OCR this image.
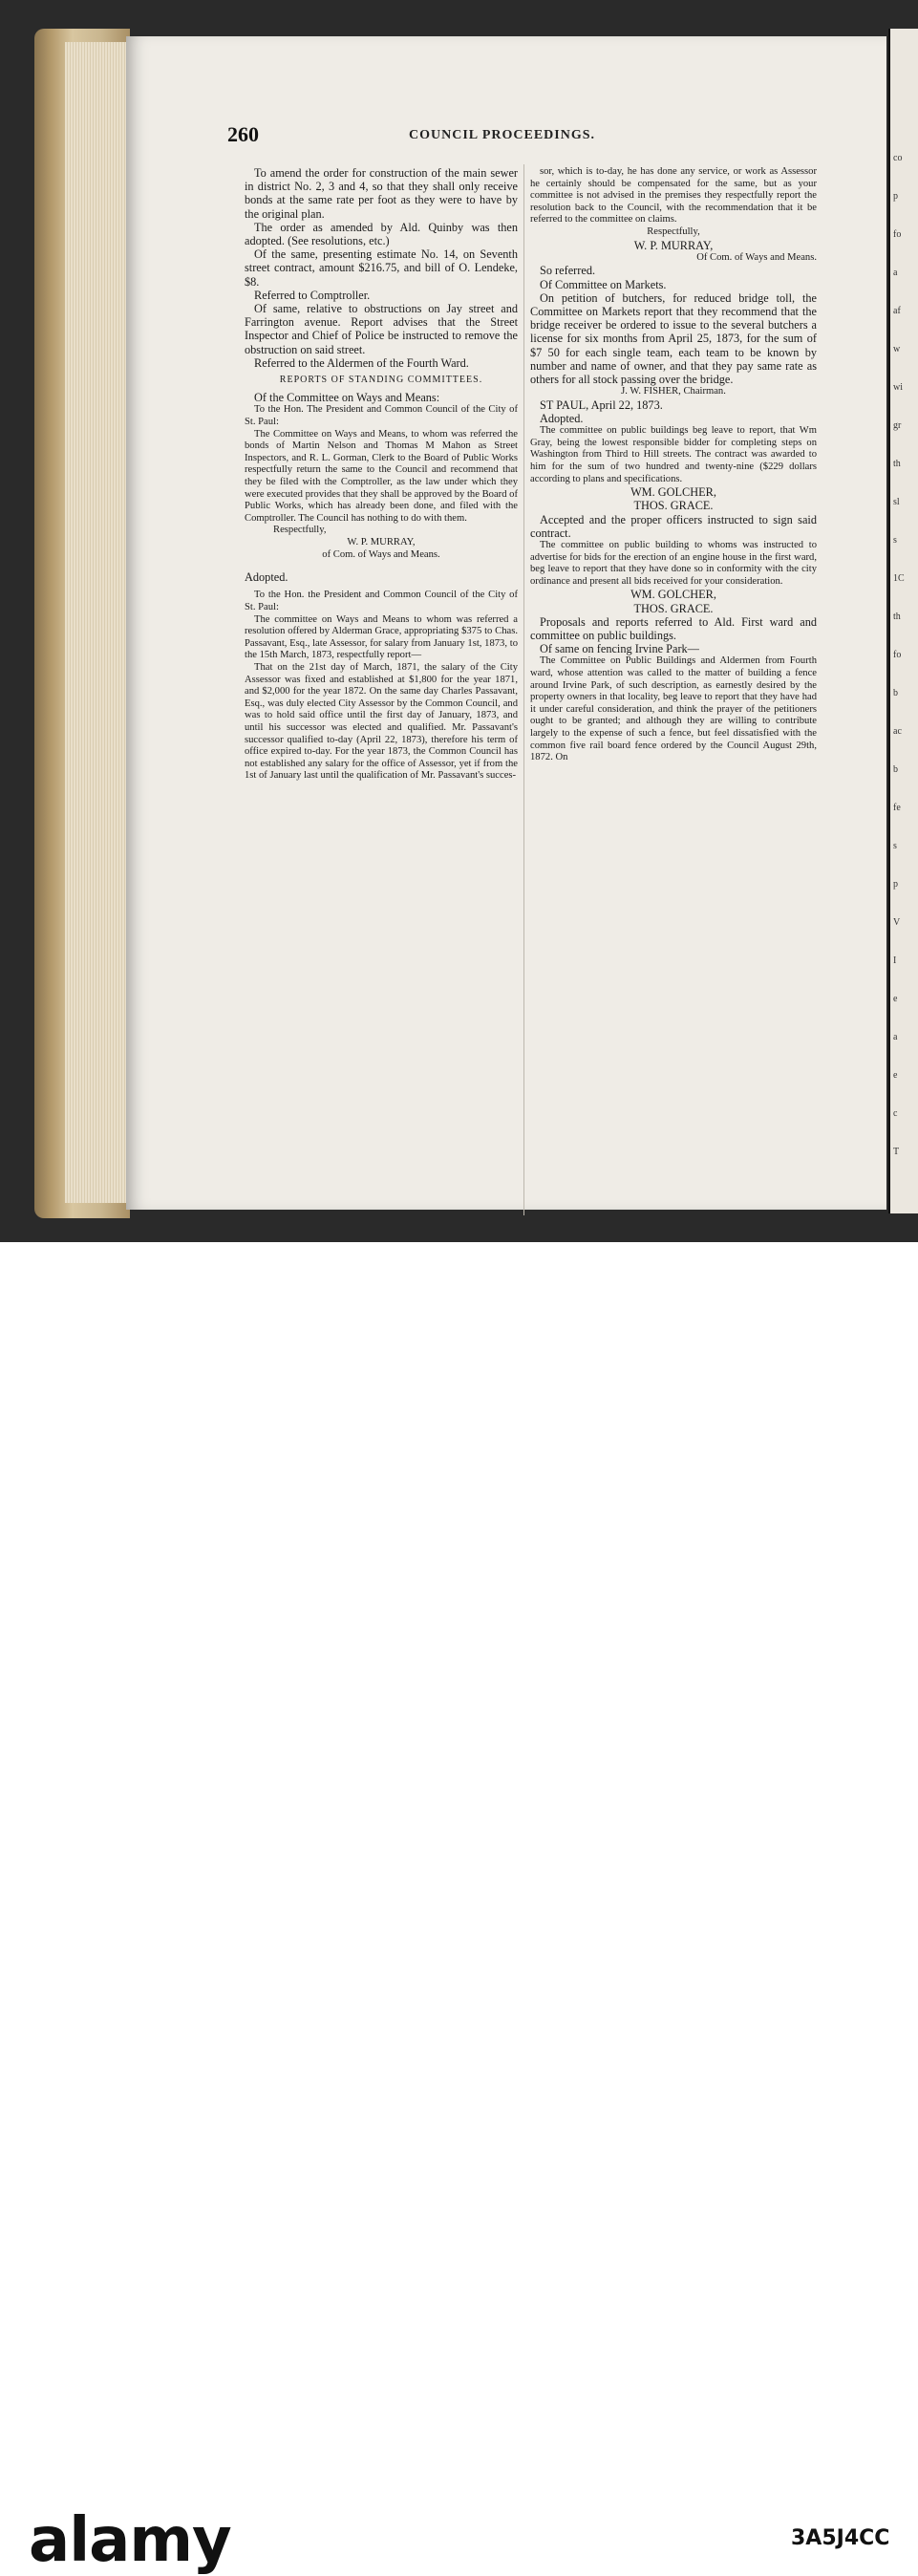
co
p
fo
a
af
w
wi
gr
th
sl
s
1C
th
fo
b
ac
b
fe
s
p
V
I
e
a
e
c
T
260	COUNCIL PROCEEDINGS.

To amend the order for construction of the main sewer in district No. 2, 3 and 4, so that they shall only receive bonds at the same rate per foot as they were to have by the original plan.

The order as amended by Ald. Quinby was then adopted. (See resolutions, etc.)

Of the same, presenting estimate No. 14, on Seventh street contract, amount $216.75, and bill of O. Lendeke, $8.

Referred to Comptroller.

Of same, relative to obstructions on Jay street and Farrington avenue. Report advises that the Street Inspector and Chief of Police be instructed to remove the obstruction on said street.

Referred to the Aldermen of the Fourth Ward.

REPORTS OF STANDING COMMITTEES.

Of the Committee on Ways and Means:

To the Hon. The President and Common Council of the City of St. Paul:

The Committee on Ways and Means, to whom was referred the bonds of Martin Nelson and Thomas M Mahon as Street Inspectors, and R. L. Gorman, Clerk to the Board of Public Works respectfully return the same to the Council and recommend that they be filed with the Comptroller, as the law under which they were executed provides that they shall be approved by the Board of Public Works, which has already been done, and filed with the Comptroller. The Council has nothing to do with them.

Respectfully,

W. P. MURRAY,

of Com. of Ways and Means.

Adopted.

To the Hon. the President and Common Council of the City of St. Paul:

The committee on Ways and Means to whom was referred a resolution offered by Alderman Grace, appropriating $375 to Chas. Passavant, Esq., late Assessor, for salary from January 1st, 1873, to the 15th March, 1873, respectfully report—

That on the 21st day of March, 1871, the salary of the City Assessor was fixed and established at $1,800 for the year 1871, and $2,000 for the year 1872. On the same day Charles Passavant, Esq., was duly elected City Assessor by the Common Council, and was to hold said office until the first day of January, 1873, and until his successor was elected and qualified. Mr. Passavant's successor qualified to-day (April 22, 1873), therefore his term of office expired to-day. For the year 1873, the Common Council has not established any salary for the office of Assessor, yet if from the 1st of January last until the qualification of Mr. Passavant's succes-

sor, which is to-day, he has done any service, or work as Assessor he certainly should be compensated for the same, but as your committee is not advised in the premises they respectfully report the resolution back to the Council, with the recommendation that it be referred to the committee on claims.

Respectfully,

W. P. MURRAY,

Of Com. of Ways and Means.

So referred.

Of Committee on Markets.

On petition of butchers, for reduced bridge toll, the Committee on Markets report that they recommend that the bridge receiver be ordered to issue to the several butchers a license for six months from April 25, 1873, for the sum of $7 50 for each single team, each team to be known by number and name of owner, and that they pay same rate as others for all stock passing over the bridge.

J. W. FISHER, Chairman.

ST PAUL, April 22, 1873.

Adopted.

The committee on public buildings beg leave to report, that Wm Gray, being the lowest responsible bidder for completing steps on Washington from Third to Hill streets. The contract was awarded to him for the sum of two hundred and twenty-nine ($229 dollars according to plans and specifications.

WM. GOLCHER,

THOS. GRACE.

Accepted and the proper officers instructed to sign said contract.

The committee on public building to whoms was instructed to advertise for bids for the erection of an engine house in the first ward, beg leave to report that they have done so in conformity with the city ordinance and present all bids received for your consideration.

WM. GOLCHER,

THOS. GRACE.

Proposals and reports referred to Ald. First ward and committee on public buildings.

Of same on fencing Irvine Park—

The Committee on Public Buildings and Aldermen from Fourth ward, whose attention was called to the matter of building a fence around Irvine Park, of such description, as earnestly desired by the property owners in that locality, beg leave to report that they have had it under careful consideration, and think the prayer of the petitioners ought to be granted; and although they are willing to contribute largely to the expense of such a fence, but feel dissatisfied with the common five rail board fence ordered by the Council August 29th, 1872. On

alamy	3A5J4CC
